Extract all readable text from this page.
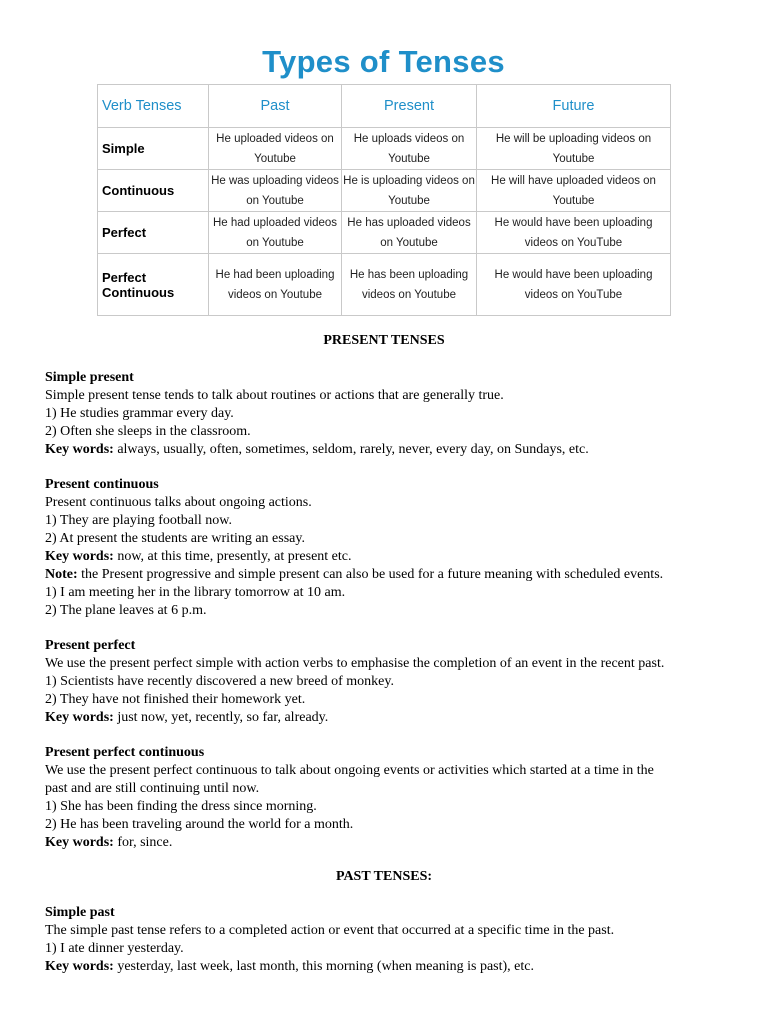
Types of Tenses
Verb Tenses	Past	Present	Future
Simple	He uploaded videos on Youtube	He uploads videos on Youtube	He will be uploading videos on Youtube
Continuous	He was uploading videos on Youtube	He is uploading videos on Youtube	He will have uploaded videos on Youtube
Perfect	He had uploaded videos on Youtube	He has uploaded videos on Youtube	He would have been uploading videos on YouTube
Perfect Continuous	He had been uploading videos on Youtube	He has been uploading videos on Youtube	He would have been uploading videos on YouTube
PRESENT TENSES
Simple present
Simple present tense tends to talk about routines or actions that are generally true.
1) He studies grammar every day.
2) Often she sleeps in the classroom.
Key words: always, usually, often, sometimes, seldom, rarely, never, every day, on Sundays, etc.
Present continuous
Present continuous talks about ongoing actions.
1) They are playing football now.
2) At present the students are writing an essay.
Key words: now, at this time, presently, at present etc.
Note: the Present progressive and simple present can also be used for a future meaning with scheduled events.
1) I am meeting her in the library tomorrow at 10 am.
2) The plane leaves at 6 p.m.
Present perfect
We use the present perfect simple with action verbs to emphasise the completion of an event in the recent past.
1) Scientists have recently discovered a new breed of monkey.
2) They have not finished their homework yet.
Key words: just now, yet, recently, so far, already.
Present perfect continuous
We use the present perfect continuous to talk about ongoing events or activities which started at a time in the
past and are still continuing until now.
1) She has been finding the dress since morning.
2) He has been traveling around the world for a month.
Key words: for, since.
PAST TENSES:
Simple past
The simple past tense refers to a completed action or event that occurred at a specific time in the past.
1) I ate dinner yesterday.
Key words: yesterday, last week, last month, this morning (when meaning is past), etc.
